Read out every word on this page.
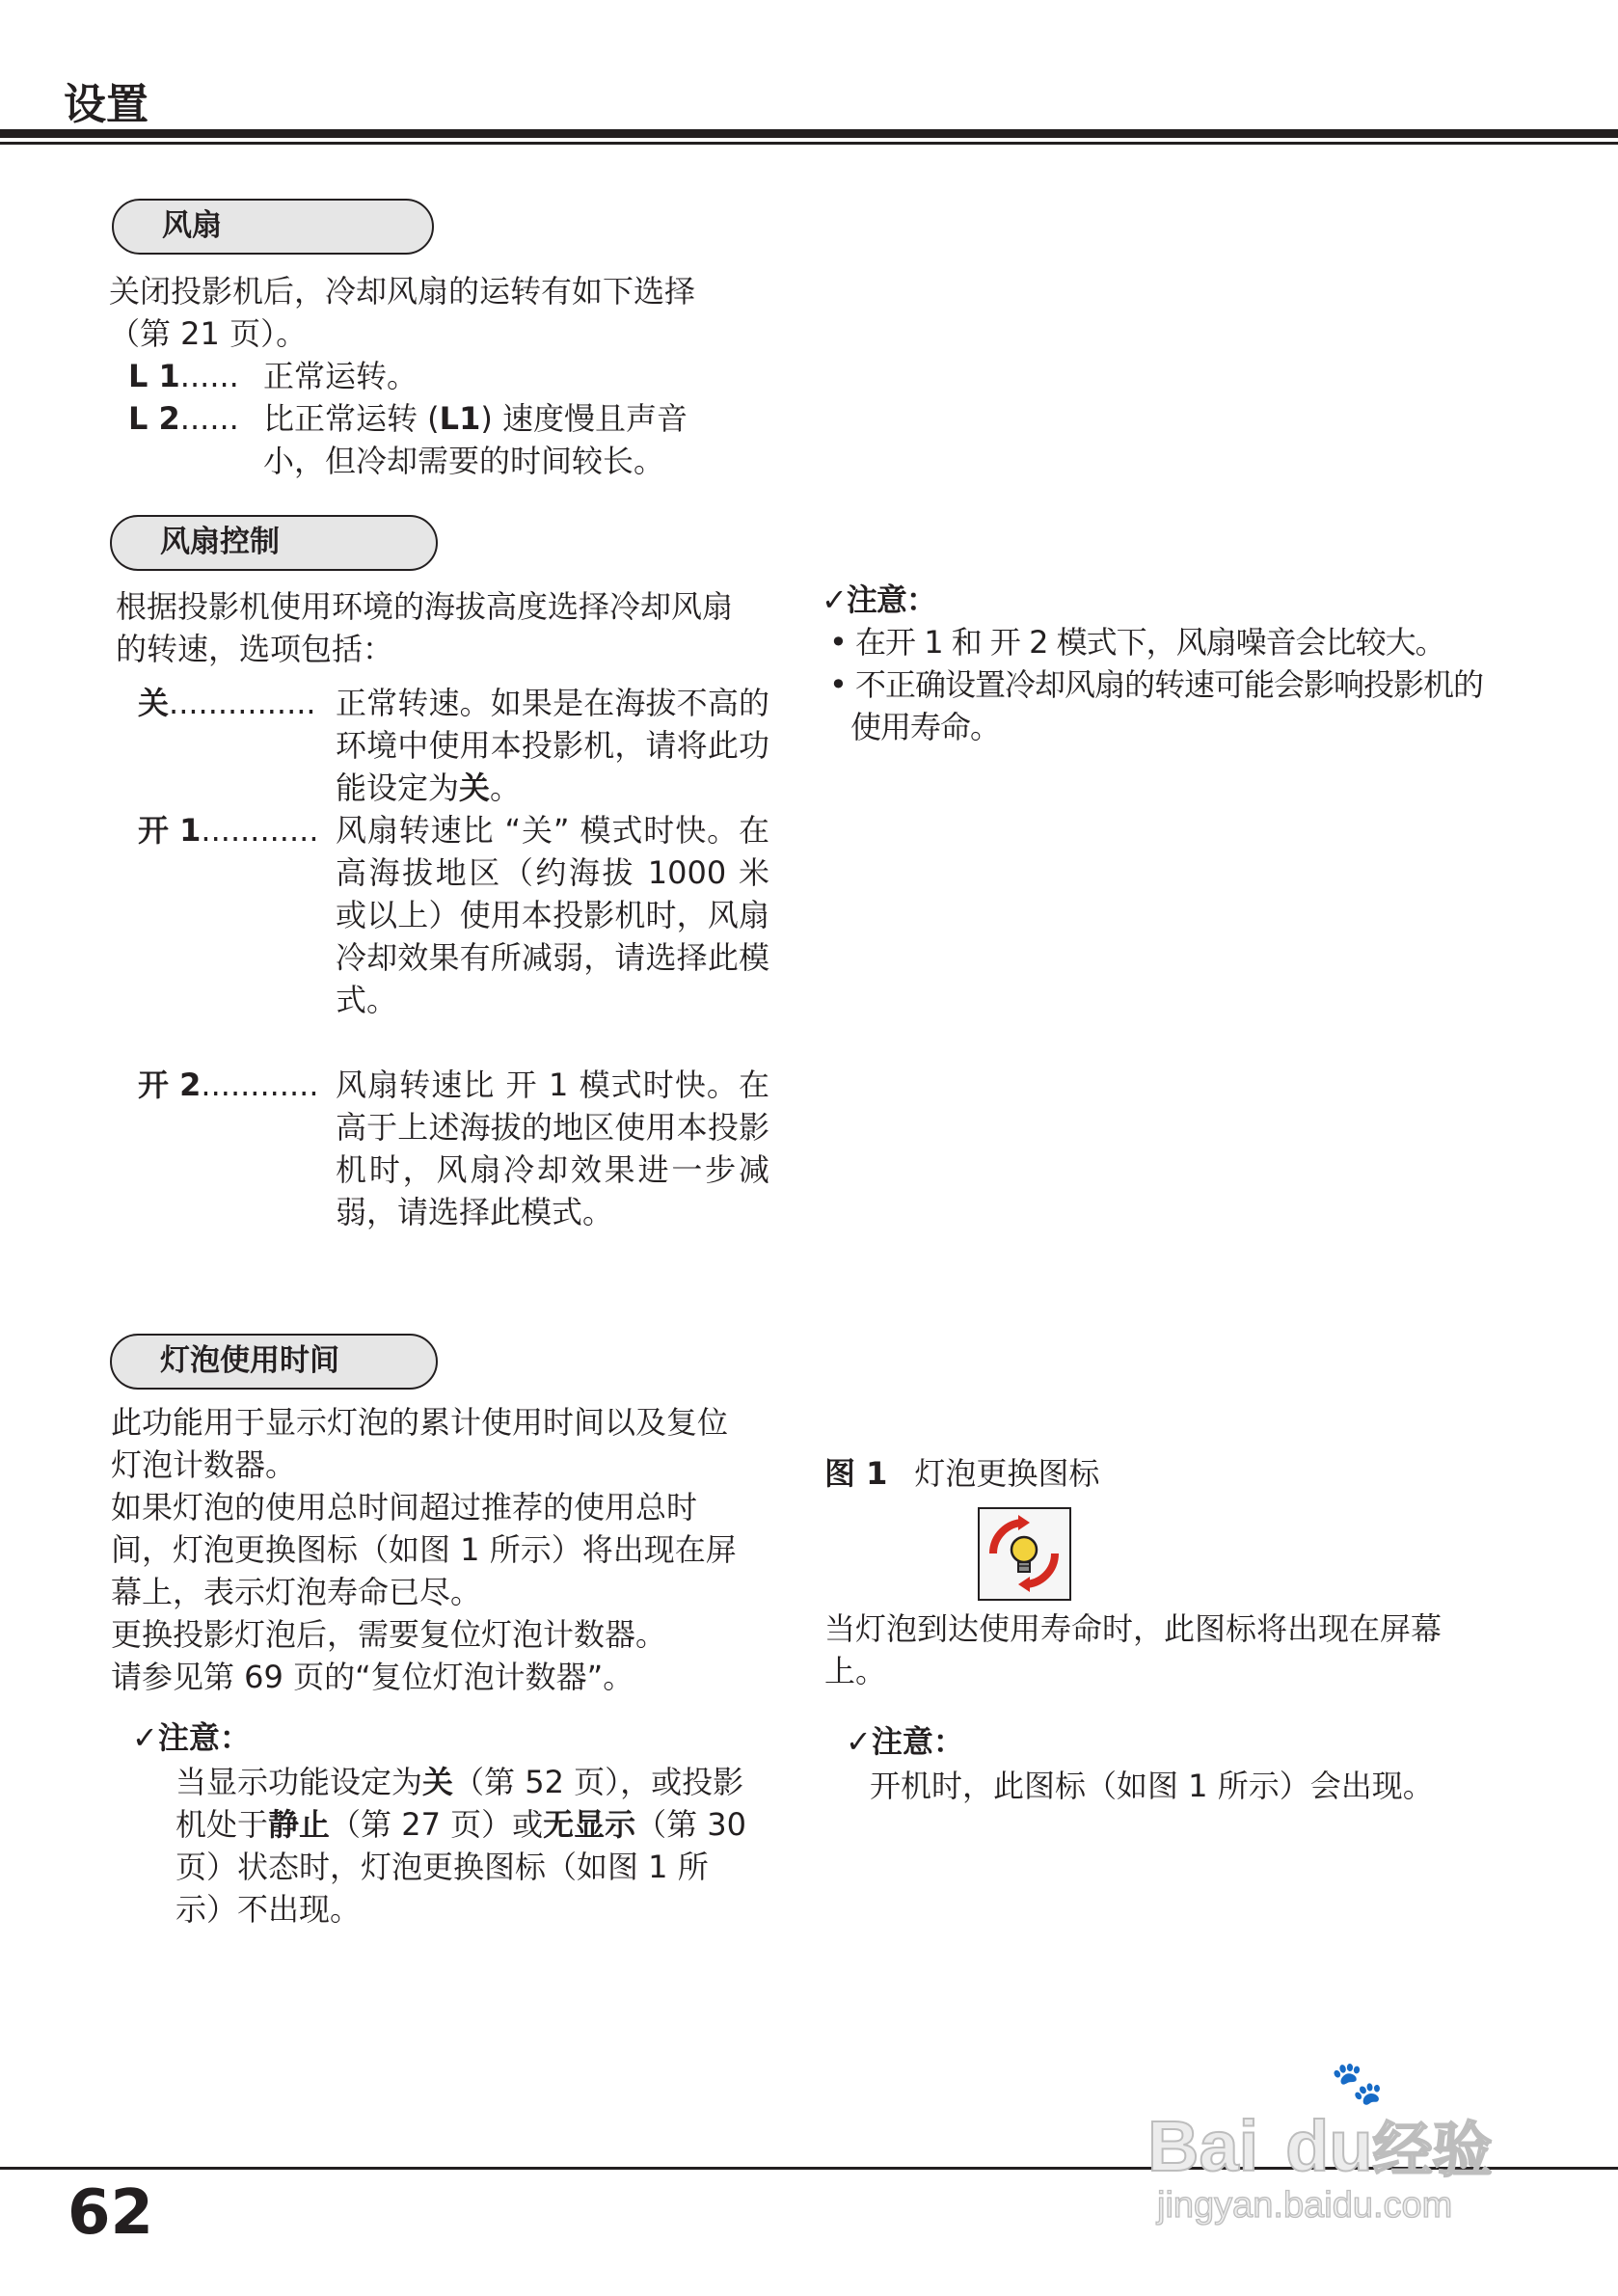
设置
风扇
关闭投影机后，冷却风扇的运转有如下选择（第 21 页）。
L 1...... 正常运转。
L 2...... 比正常运转 (L1) 速度慢且声音小，但冷却需要的时间较长。
风扇控制
根据投影机使用环境的海拔高度选择冷却风扇的转速，选项包括：
关............... 正常转速。如果是在海拔不高的环境中使用本投影机，请将此功能设定为关。
开 1............ 风扇转速比 “关” 模式时快。在高海拔地区（约海拔 1000 米或以上）使用本投影机时，风扇冷却效果有所减弱，请选择此模式。
开 2............ 风扇转速比 开 1 模式时快。在高于上述海拔的地区使用本投影机时，风扇冷却效果进一步减弱，请选择此模式。
✓注意：
• 在开 1 和 开 2 模式下，风扇噪音会比较大。
• 不正确设置冷却风扇的转速可能会影响投影机的使用寿命。
灯泡使用时间
此功能用于显示灯泡的累计使用时间以及复位灯泡计数器。
如果灯泡的使用总时间超过推荐的使用总时间，灯泡更换图标（如图 1 所示）将出现在屏幕上，表示灯泡寿命已尽。
更换投影灯泡后，需要复位灯泡计数器。
请参见第 69 页的“复位灯泡计数器”。
✓注意：
当显示功能设定为关（第 52 页），或投影机处于静止（第 27 页）或无显示（第 30 页）状态时，灯泡更换图标（如图 1 所示）不出现。
图 1 灯泡更换图标
当灯泡到达使用寿命时，此图标将出现在屏幕上。
✓注意：
开机时，此图标（如图 1 所示）会出现。
62
🐾
Bai du经验
jingyan.baidu.com
